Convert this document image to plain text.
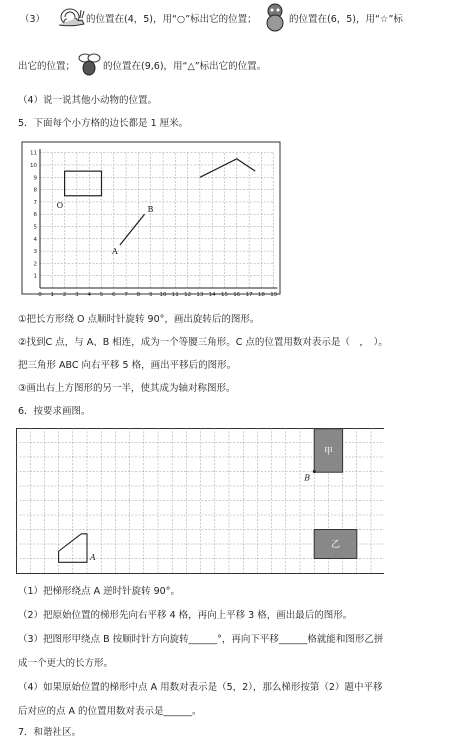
（3）	的位置在(4，5)，用“○”标出它的位置；	的位置在(6，5)，用“☆”标
出它的位置；	的位置在(9,6)，用“△”标出它的位置。
（4）说一说其他小动物的位置。
5．下面每个小方格的边长都是 1 厘米。
0 1 2 3 4 5 6 7 8 9 10 11 12 13 14 15 16 17 18 19
1
2
3
4
5
6
7
8
9
10
11
O
A
B
①把长方形绕 O 点顺时针旋转 90°，画出旋转后的图形。
②找到C 点，与 A、B 相连，成为一个等腰三角形。C 点的位置用数对表示是（　，　）。
把三角形 ABC 向右平移 5 格，画出平移后的图形。
③画出右上方图形的另一半，使其成为轴对称图形。
6．按要求画图。
A
甲
B
乙
（1）把梯形绕点 A 逆时针旋转 90°。
（2）把原始位置的梯形先向右平移 4 格，再向上平移 3 格，画出最后的图形。
（3）把图形甲绕点 B 按顺时针方向旋转______°，再向下平移______格就能和图形乙拼
成一个更大的长方形。
（4）如果原始位置的梯形中点 A 用数对表示是（5，2），那么梯形按第（2）题中平移
后对应的点 A 的位置用数对表示是______。
7．和谐社区。
